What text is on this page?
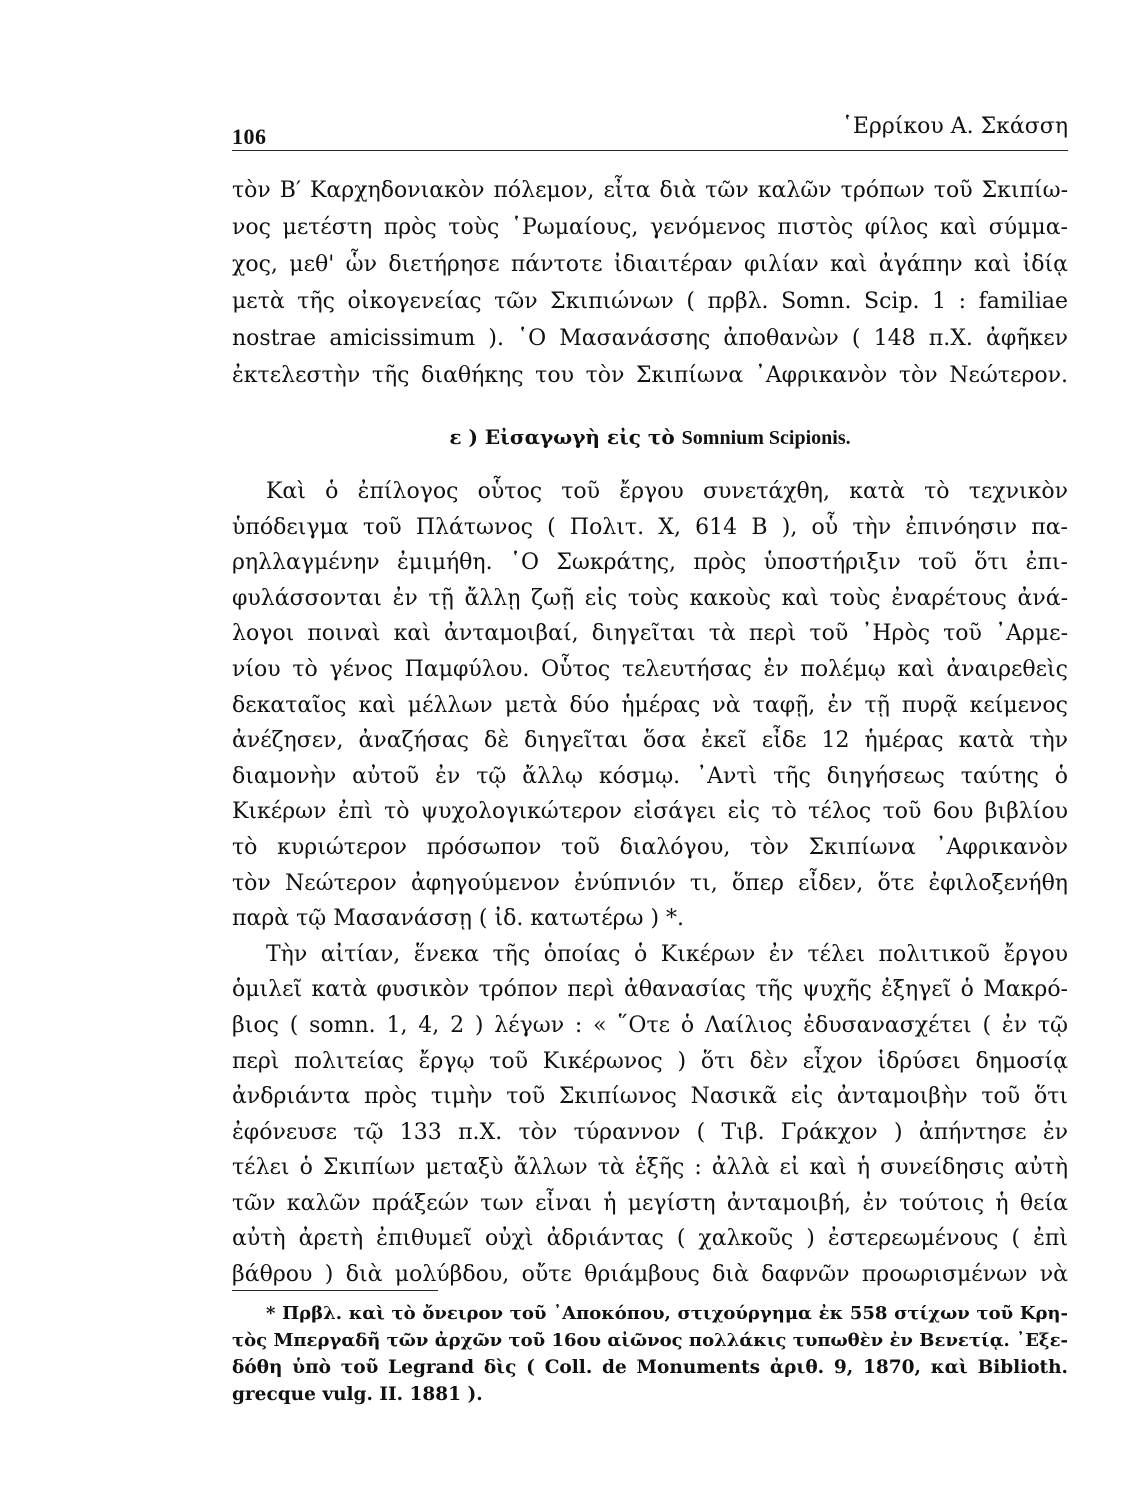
106	῾Ερρίκου Α. Σκάσση
τὸν Β′ Καρχηδονιακὸν πόλεμον, εἶτα διὰ τῶν καλῶν τρόπων τοῦ Σκιπίω-
νος μετέστη πρὸς τοὺς ῾Ρωμαίους, γενόμενος πιστὸς φίλος καὶ σύμμα-
χος, μεθ' ὧν διετήρησε πάντοτε ἰδιαιτέραν φιλίαν καὶ ἀγάπην καὶ ἰδίᾳ
μετὰ τῆς οἰκογενείας τῶν Σκιπιώνων ( πρβλ. Somn. Scip. 1 : familiae
nostrae amicissimum ). ῾Ο Μασανάσσης ἀποθανὼν ( 148 π.Χ. ἀφῆκεν
ἐκτελεστὴν τῆς διαθήκης του τὸν Σκιπίωνα ᾿Αφρικανὸν τὸν Νεώτερον.
ε ) Εἰσαγωγὴ εἰς τὸ Somnium Scipionis.
Καὶ ὁ ἐπίλογος οὗτος τοῦ ἔργου συνετάχθη, κατὰ τὸ τεχνικὸν
ὑπόδειγμα τοῦ Πλάτωνος ( Πολιτ. Χ, 614 Β ), οὗ τὴν ἐπινόησιν πα-
ρηλλαγμένην ἐμιμήθη. ῾Ο Σωκράτης, πρὸς ὑποστήριξιν τοῦ ὅτι ἐπι-
φυλάσσονται ἐν τῇ ἄλλῃ ζωῇ εἰς τοὺς κακοὺς καὶ τοὺς ἐναρέτους ἀνά-
λογοι ποιναὶ καὶ ἀνταμοιβαί, διηγεῖται τὰ περὶ τοῦ ᾿Ηρὸς τοῦ ᾿Αρμε-
νίου τὸ γένος Παμφύλου. Οὗτος τελευτήσας ἐν πολέμῳ καὶ ἀναιρεθεὶς
δεκαταῖος καὶ μέλλων μετὰ δύο ἡμέρας νὰ ταφῇ, ἐν τῇ πυρᾷ κείμενος
ἀνέζησεν, ἀναζήσας δὲ διηγεῖται ὅσα ἐκεῖ εἶδε 12 ἡμέρας κατὰ τὴν
διαμονὴν αὐτοῦ ἐν τῷ ἄλλῳ κόσμῳ. ᾿Αντὶ τῆς διηγήσεως ταύτης ὁ
Κικέρων ἐπὶ τὸ ψυχολογικώτερον εἰσάγει εἰς τὸ τέλος τοῦ 6ου βιβλίου
τὸ κυριώτερον πρόσωπον τοῦ διαλόγου, τὸν Σκιπίωνα ᾿Αφρικανὸν
τὸν Νεώτερον ἀφηγούμενον ἐνύπνιόν τι, ὅπερ εἶδεν, ὅτε ἐφιλοξενήθη
παρὰ τῷ Μασανάσσῃ ( ἰδ. κατωτέρω ) *.
Τὴν αἰτίαν, ἕνεκα τῆς ὁποίας ὁ Κικέρων ἐν τέλει πολιτικοῦ ἔργου
ὁμιλεῖ κατὰ φυσικὸν τρόπον περὶ ἀθανασίας τῆς ψυχῆς ἐξηγεῖ ὁ Μακρό-
βιος ( somn. 1, 4, 2 ) λέγων : « ῞Οτε ὁ Λαίλιος ἐδυσανασχέτει ( ἐν τῷ
περὶ πολιτείας ἔργῳ τοῦ Κικέρωνος ) ὅτι δὲν εἶχον ἱδρύσει δημοσίᾳ
ἀνδριάντα πρὸς τιμὴν τοῦ Σκιπίωνος Νασικᾶ εἰς ἀνταμοιβὴν τοῦ ὅτι
ἐφόνευσε τῷ 133 π.Χ. τὸν τύραννον ( Τιβ. Γράκχον ) ἀπήντησε ἐν
τέλει ὁ Σκιπίων μεταξὺ ἄλλων τὰ ἑξῆς : ἀλλὰ εἰ καὶ ἡ συνείδησις αὐτὴ
τῶν καλῶν πράξεών των εἶναι ἡ μεγίστη ἀνταμοιβή, ἐν τούτοις ἡ θεία
αὐτὴ ἀρετὴ ἐπιθυμεῖ οὐχὶ ἀδριάντας ( χαλκοῦς ) ἐστερεωμένους ( ἐπὶ
βάθρου ) διὰ μολύβδου, οὔτε θριάμβους διὰ δαφνῶν προωρισμένων νὰ
* Πρβλ. καὶ τὸ ὄνειρον τοῦ ᾿Αποκόπου, στιχούργημα ἐκ 558 στίχων τοῦ Κρη-
τὸς Μπεργαδῆ τῶν ἀρχῶν τοῦ 16ου αἰῶνος πολλάκις τυπωθὲν ἐν Βενετίᾳ. ᾿Εξε-
δόθη ὑπὸ τοῦ Legrand δὶς ( Coll. de Monuments ἀριθ. 9, 1870, καὶ Biblioth.
grecque vulg. II. 1881 ).
